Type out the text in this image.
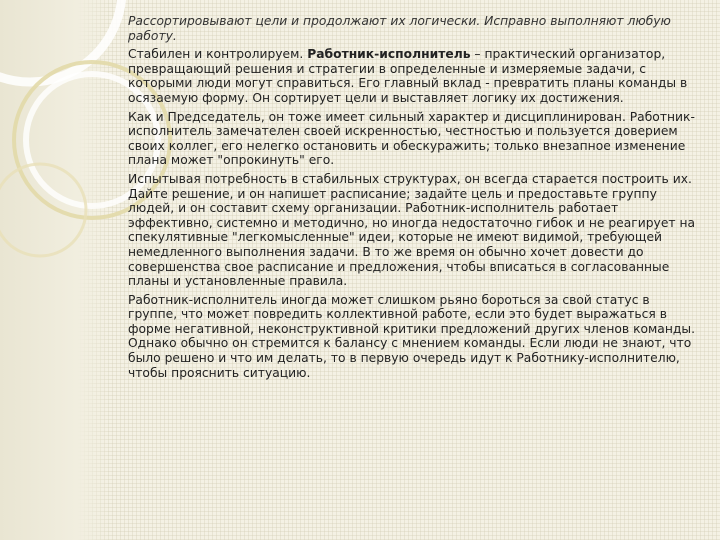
Рассортировывают цели и продолжают их логически. Исправно выполняют любую работу.

Стабилен и контролируем. Работник-исполнитель – практический организатор, превращающий решения и стратегии в определенные и измеряемые задачи, с которыми люди могут справиться. Его главный вклад - превратить планы команды в осязаемую форму. Он сортирует цели и выставляет логику их достижения.

Как и Председатель, он тоже имеет сильный характер и дисциплинирован. Работник-исполнитель замечателен своей искренностью, честностью и пользуется доверием своих коллег, его нелегко остановить и обескуражить; только внезапное изменение плана может "опрокинуть" его.

Испытывая потребность в стабильных структурах, он всегда старается построить их. Дайте решение, и он напишет расписание; задайте цель и предоставьте группу людей, и он составит схему организации. Работник-исполнитель работает эффективно, системно и методично, но иногда недостаточно гибок и не реагирует на спекулятивные "легкомысленные" идеи, которые не имеют видимой, требующей немедленного выполнения задачи. В то же время он обычно хочет довести до совершенства свое расписание и предложения, чтобы вписаться в согласованные планы и установленные правила.

Работник-исполнитель иногда может слишком рьяно бороться за свой статус в группе, что может повредить коллективной работе, если это будет выражаться в форме негативной, неконструктивной критики предложений других членов команды. Однако обычно он стремится к балансу с мнением команды. Если люди не знают, что было решено и что им делать, то в первую очередь идут к Работнику-исполнителю, чтобы прояснить ситуацию.
